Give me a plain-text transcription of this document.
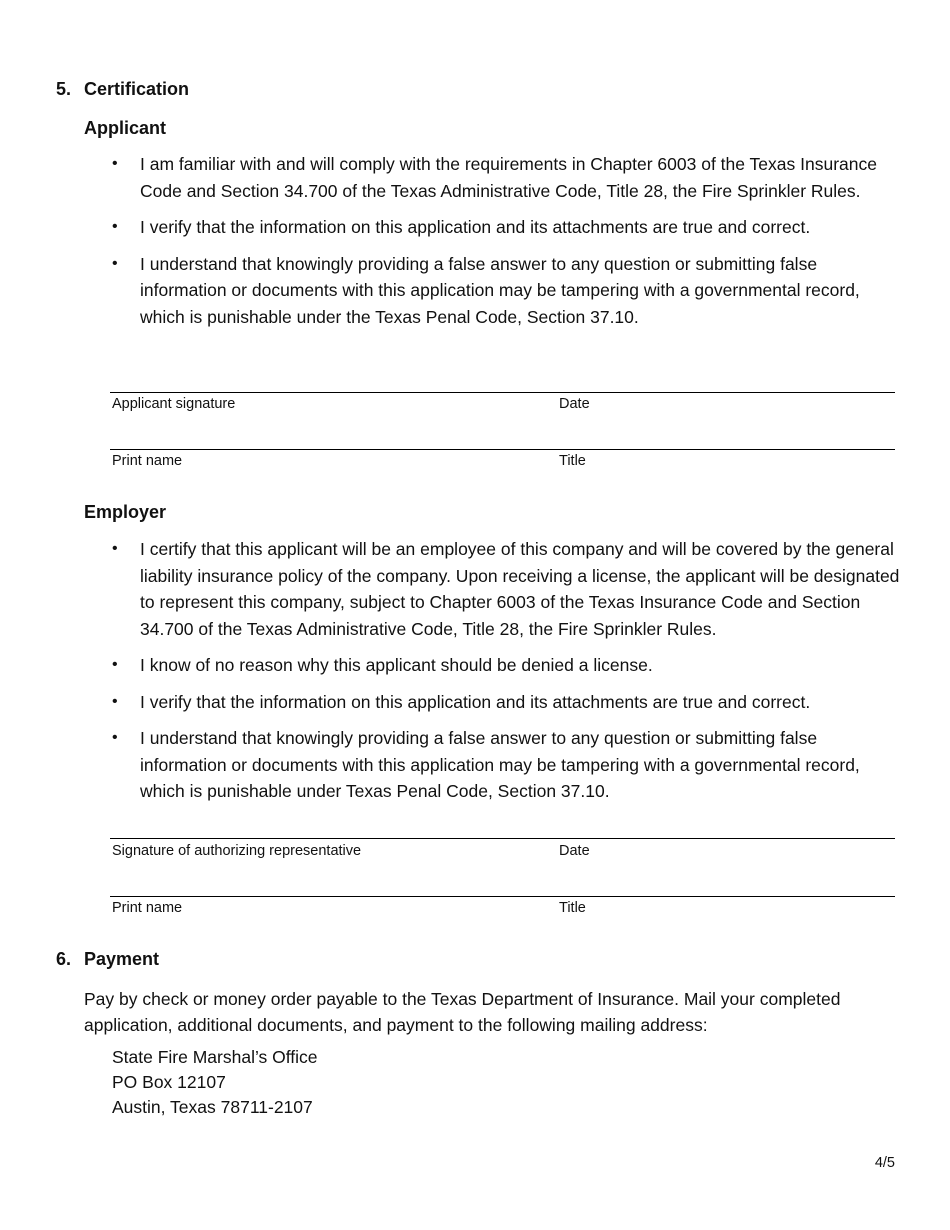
5. Certification
Applicant
• I am familiar with and will comply with the requirements in Chapter 6003 of the Texas Insurance Code and Section 34.700 of the Texas Administrative Code, Title 28, the Fire Sprinkler Rules.
• I verify that the information on this application and its attachments are true and correct.
• I understand that knowingly providing a false answer to any question or submitting false information or documents with this application may be tampering with a governmental record, which is punishable under the Texas Penal Code, Section 37.10.
Applicant signature	Date
Print name	Title
Employer
• I certify that this applicant will be an employee of this company and will be covered by the general liability insurance policy of the company. Upon receiving a license, the applicant will be designated to represent this company, subject to Chapter 6003 of the Texas Insurance Code and Section 34.700 of the Texas Administrative Code, Title 28, the Fire Sprinkler Rules.
• I know of no reason why this applicant should be denied a license.
• I verify that the information on this application and its attachments are true and correct.
• I understand that knowingly providing a false answer to any question or submitting false information or documents with this application may be tampering with a governmental record, which is punishable under Texas Penal Code, Section 37.10.
Signature of authorizing representative	Date
Print name	Title
6. Payment
Pay by check or money order payable to the Texas Department of Insurance. Mail your completed application, additional documents, and payment to the following mailing address:
State Fire Marshal’s Office
PO Box 12107
Austin, Texas 78711-2107
4/5
